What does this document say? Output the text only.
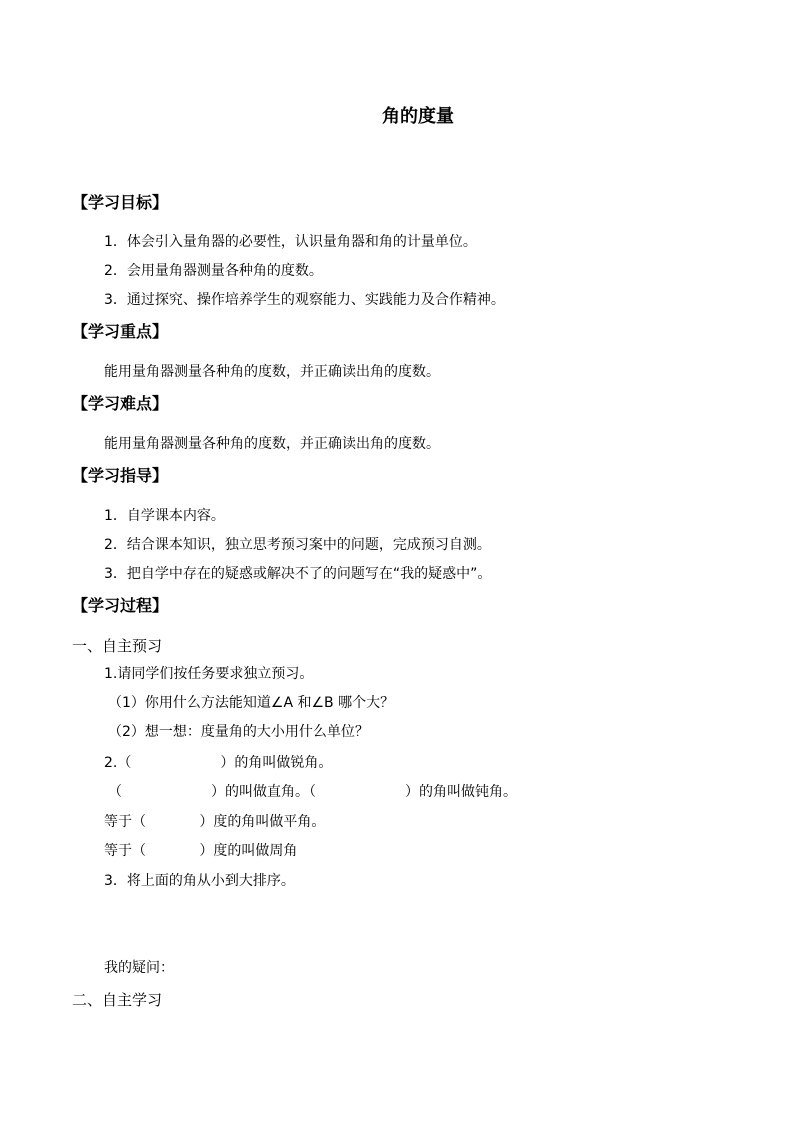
角的度量
【学习目标】
1．体会引入量角器的必要性，认识量角器和角的计量单位。
2．会用量角器测量各种角的度数。
3．通过探究、操作培养学生的观察能力、实践能力及合作精神。
【学习重点】
能用量角器测量各种角的度数，并正确读出角的度数。
【学习难点】
能用量角器测量各种角的度数，并正确读出角的度数。
【学习指导】
1．自学课本内容。
2．结合课本知识，独立思考预习案中的问题，完成预习自测。
3．把自学中存在的疑惑或解决不了的问题写在“我的疑惑中”。
【学习过程】
一、自主预习
1.请同学们按任务要求独立预习。
（1）你用什么方法能知道∠A 和∠B 哪个大？
（2）想一想：度量角的大小用什么单位？
2.（                    ）的角叫做锐角。
（                    ）的叫做直角。（                    ）的角叫做钝角。
等于（            ）度的角叫做平角。
等于（            ）度的叫做周角
3．将上面的角从小到大排序。
我的疑问：
二、自主学习
